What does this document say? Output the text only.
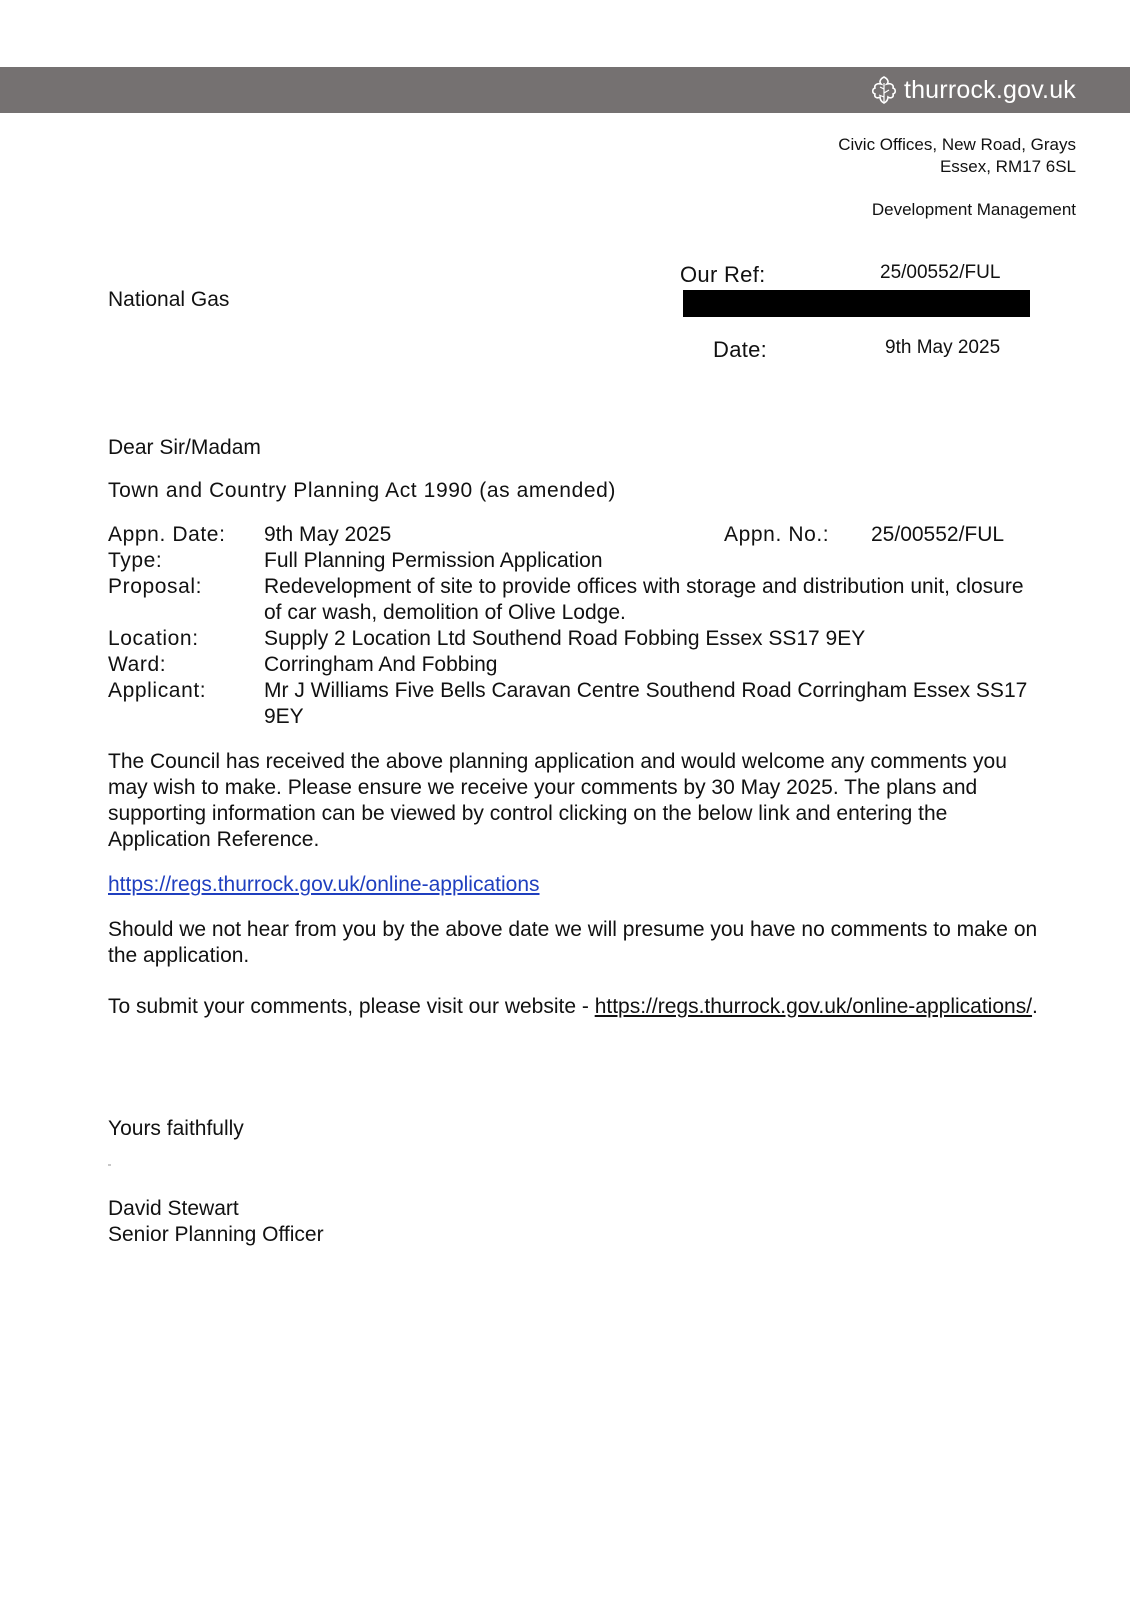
thurrock.gov.uk
Civic Offices, New Road, Grays
Essex, RM17 6SL
Development Management
Our Ref:	25/00552/FUL
Date:	9th May 2025
National Gas
Dear Sir/Madam
Town and Country Planning Act 1990 (as amended)
Appn. Date:	9th May 2025	Appn. No.: 25/00552/FUL
Type:	Full Planning Permission Application
Proposal:	Redevelopment of site to provide offices with storage and distribution unit, closure of car wash, demolition of Olive Lodge.
Location:	Supply 2 Location Ltd Southend Road Fobbing Essex SS17 9EY
Ward:	Corringham And Fobbing
Applicant:	Mr J Williams Five Bells Caravan Centre Southend Road Corringham Essex SS17 9EY
The Council has received the above planning application and would welcome any comments you may wish to make. Please ensure we receive your comments by 30 May 2025. The plans and supporting information can be viewed by control clicking on the below link and entering the Application Reference.
https://regs.thurrock.gov.uk/online-applications
Should we not hear from you by the above date we will presume you have no comments to make on the application.
To submit your comments, please visit our website - https://regs.thurrock.gov.uk/online-applications/.
Yours faithfully
David Stewart
Senior Planning Officer
